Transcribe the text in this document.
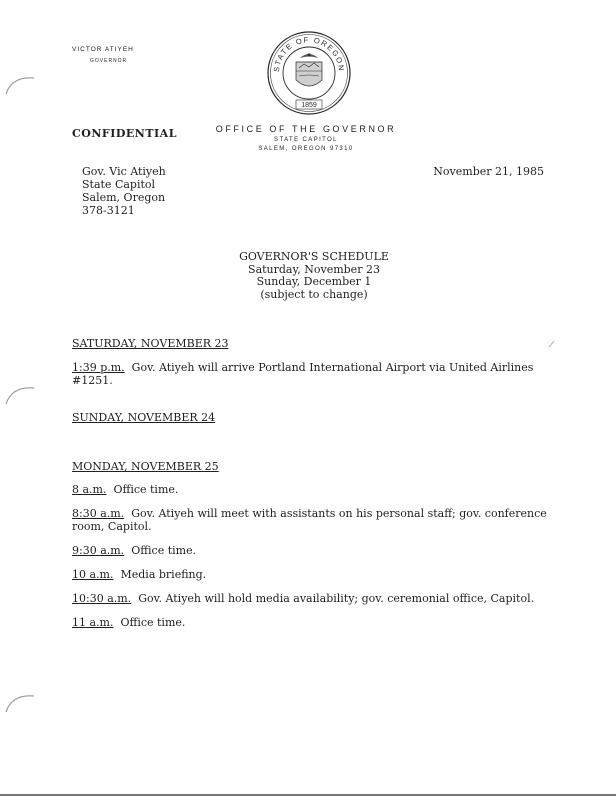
VICTOR ATIYEH
GOVERNOR
STATE OF OREGON
1859
CONFIDENTIAL	OFFICE OF THE GOVERNOR
STATE CAPITOL
SALEM, OREGON 97310
Gov. Vic Atiyeh
State Capitol
Salem, Oregon
378-3121
November 21, 1985
GOVERNOR'S SCHEDULE
Saturday, November 23
Sunday, December 1
(subject to change)
SATURDAY, NOVEMBER 23
1:39 p.m. Gov. Atiyeh will arrive Portland International Airport via United Airlines #1251.
SUNDAY, NOVEMBER 24
MONDAY, NOVEMBER 25
8 a.m. Office time.
8:30 a.m. Gov. Atiyeh will meet with assistants on his personal staff; gov. conference room, Capitol.
9:30 a.m. Office time.
10 a.m. Media briefing.
10:30 a.m. Gov. Atiyeh will hold media availability; gov. ceremonial office, Capitol.
11 a.m. Office time.
